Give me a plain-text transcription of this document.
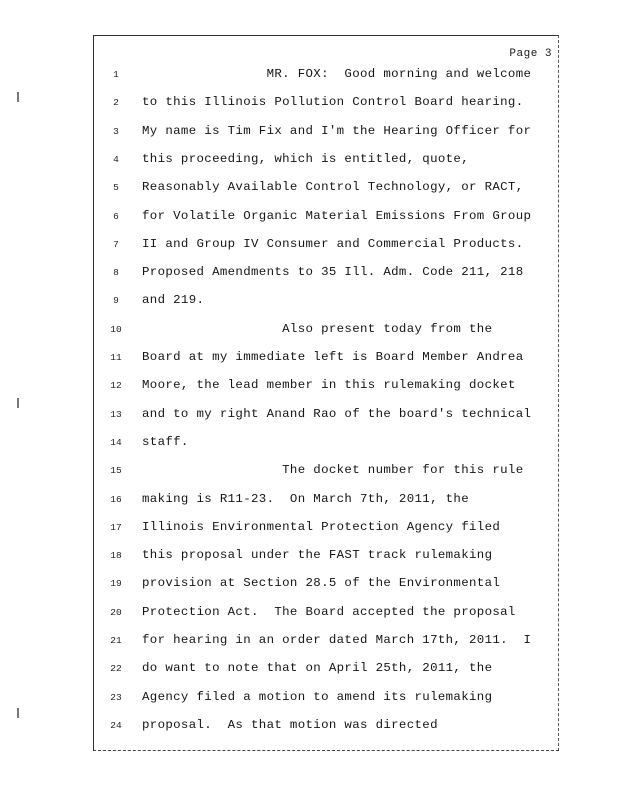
Page 3
1	MR. FOX:  Good morning and welcome
2	to this Illinois Pollution Control Board hearing.
3	My name is Tim Fix and I'm the Hearing Officer for
4	this proceeding, which is entitled, quote,
5	Reasonably Available Control Technology, or RACT,
6	for Volatile Organic Material Emissions From Group
7	II and Group IV Consumer and Commercial Products.
8	Proposed Amendments to 35 Ill. Adm. Code 211, 218
9	and 219.
10	Also present today from the
11	Board at my immediate left is Board Member Andrea
12	Moore, the lead member in this rulemaking docket
13	and to my right Anand Rao of the board's technical
14	staff.
15	The docket number for this rule
16	making is R11-23.  On March 7th, 2011, the
17	Illinois Environmental Protection Agency filed
18	this proposal under the FAST track rulemaking
19	provision at Section 28.5 of the Environmental
20	Protection Act.  The Board accepted the proposal
21	for hearing in an order dated March 17th, 2011.  I
22	do want to note that on April 25th, 2011, the
23	Agency filed a motion to amend its rulemaking
24	proposal.  As that motion was directed
